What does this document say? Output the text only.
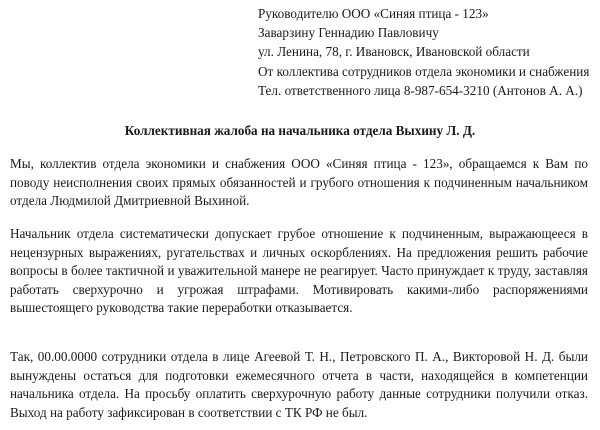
Руководителю ООО «Синяя птица - 123»
Заварзину Геннадию Павловичу
ул. Ленина, 78, г. Ивановск, Ивановской области
От коллектива сотрудников отдела экономики и снабжения
Тел. ответственного лица 8-987-654-3210 (Антонов А. А.)
Коллективная жалоба на начальника отдела Выхину Л. Д.
Мы, коллектив отдела экономики и снабжения ООО «Синяя птица - 123», обращаемся к Вам по поводу неисполнения своих прямых обязанностей и грубого отношения к подчиненным начальником отдела Людмилой Дмитриевной Выхиной.
Начальник отдела систематически допускает грубое отношение к подчиненным, выражающееся в нецензурных выражениях, ругательствах и личных оскорблениях. На предложения решить рабочие вопросы в более тактичной и уважительной манере не реагирует. Часто принуждает к труду, заставляя работать сверхурочно и угрожая штрафами. Мотивировать какими-либо распоряжениями вышестоящего руководства такие переработки отказывается.
Так, 00.00.0000 сотрудники отдела в лице Агеевой Т. Н., Петровского П. А., Викторовой Н. Д. были вынуждены остаться для подготовки ежемесячного отчета в части, находящейся в компетенции начальника отдела. На просьбу оплатить сверхурочную работу данные сотрудники получили отказ. Выход на работу зафиксирован в соответствии с ТК РФ не был.
